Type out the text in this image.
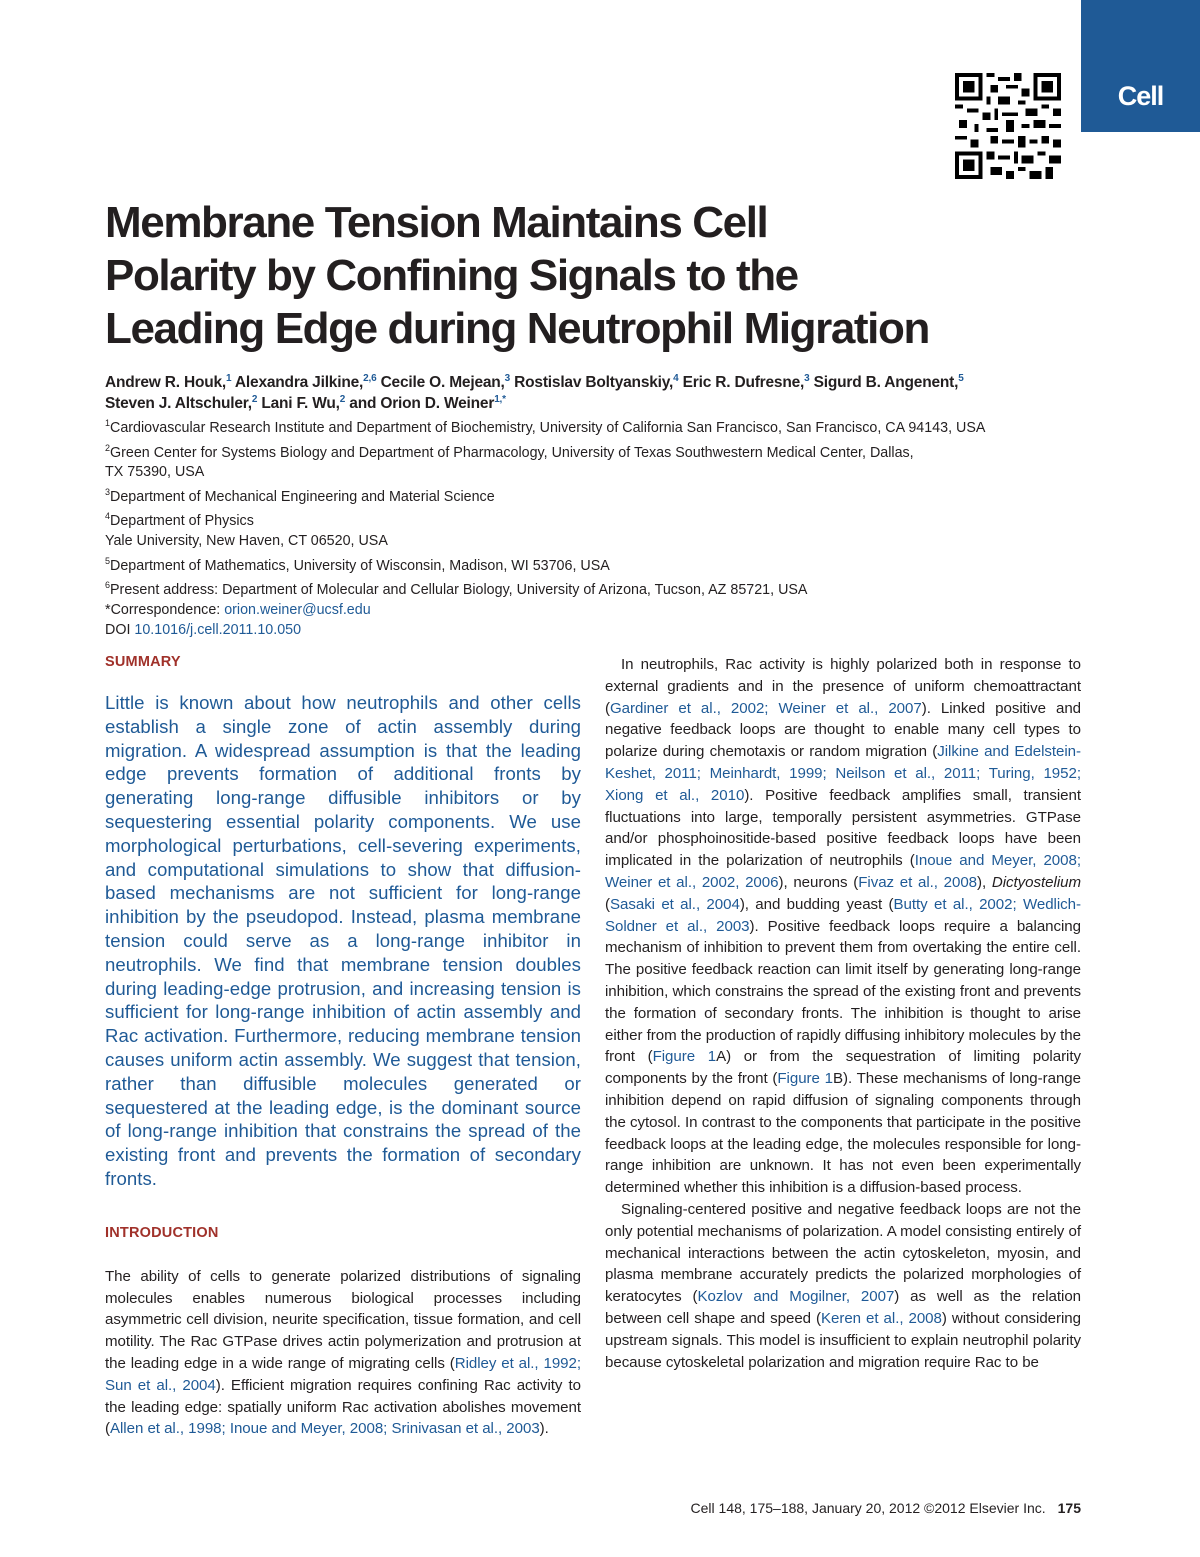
Cell
Membrane Tension Maintains Cell
Polarity by Confining Signals to the
Leading Edge during Neutrophil Migration
Andrew R. Houk,$^1$ Alexandra Jilkine,$^{2,6}$ Cecile O. Mejean,$^3$ Rostislav Boltyanskiy,$^4$ Eric R. Dufresne,$^3$ Sigurd B. Angenent,$^5$
Steven J. Altschuler,$^2$ Lani F. Wu,$^2$ and Orion D. Weiner$^{1,*}$
$^1$Cardiovascular Research Institute and Department of Biochemistry, University of California San Francisco, San Francisco, CA 94143, USA
$^2$Green Center for Systems Biology and Department of Pharmacology, University of Texas Southwestern Medical Center, Dallas,
TX 75390, USA
$^3$Department of Mechanical Engineering and Material Science
$^4$Department of Physics
Yale University, New Haven, CT 06520, USA
$^5$Department of Mathematics, University of Wisconsin, Madison, WI 53706, USA
$^6$Present address: Department of Molecular and Cellular Biology, University of Arizona, Tucson, AZ 85721, USA
*Correspondence: orion.weiner@ucsf.edu
DOI 10.1016/j.cell.2011.10.050
SUMMARY

Little is known about how neutrophils and other cells establish a single zone of actin assembly during migration. A widespread assumption is that the leading edge prevents formation of additional fronts by generating long-range diffusible inhibitors or by sequestering essential polarity components. We use morphological perturbations, cell-severing experiments, and computational simulations to show that diffusion-based mechanisms are not sufficient for long-range inhibition by the pseudopod. Instead, plasma membrane tension could serve as a long-range inhibitor in neutrophils. We find that membrane tension doubles during leading-edge protrusion, and increasing tension is sufficient for long-range inhibition of actin assembly and Rac activation. Furthermore, reducing membrane tension causes uniform actin assembly. We suggest that tension, rather than diffusible molecules generated or sequestered at the leading edge, is the dominant source of long-range inhibition that constrains the spread of the existing front and prevents the formation of secondary fronts.

INTRODUCTION

The ability of cells to generate polarized distributions of signaling molecules enables numerous biological processes including asymmetric cell division, neurite specification, tissue formation, and cell motility. The Rac GTPase drives actin polymerization and protrusion at the leading edge in a wide range of migrating cells (Ridley et al., 1992; Sun et al., 2004). Efficient migration requires confining Rac activity to the leading edge: spatially uniform Rac activation abolishes movement (Allen et al., 1998; Inoue and Meyer, 2008; Srinivasan et al., 2003).

In neutrophils, Rac activity is highly polarized both in response to external gradients and in the presence of uniform chemoattractant (Gardiner et al., 2002; Weiner et al., 2007). Linked positive and negative feedback loops are thought to enable many cell types to polarize during chemotaxis or random migration (Jilkine and Edelstein-Keshet, 2011; Meinhardt, 1999; Neilson et al., 2011; Turing, 1952; Xiong et al., 2010). Positive feedback amplifies small, transient fluctuations into large, temporally persistent asymmetries. GTPase and/or phosphoinositide-based positive feedback loops have been implicated in the polarization of neutrophils (Inoue and Meyer, 2008; Weiner et al., 2002, 2006), neurons (Fivaz et al., 2008), Dictyostelium (Sasaki et al., 2004), and budding yeast (Butty et al., 2002; Wedlich-Soldner et al., 2003). Positive feedback loops require a balancing mechanism of inhibition to prevent them from overtaking the entire cell. The positive feedback reaction can limit itself by generating long-range inhibition, which constrains the spread of the existing front and prevents the formation of secondary fronts. The inhibition is thought to arise either from the production of rapidly diffusing inhibitory molecules by the front (Figure 1A) or from the sequestration of limiting polarity components by the front (Figure 1B). These mechanisms of long-range inhibition depend on rapid diffusion of signaling components through the cytosol. In contrast to the components that participate in the positive feedback loops at the leading edge, the molecules responsible for long-range inhibition are unknown. It has not even been experimentally determined whether this inhibition is a diffusion-based process.

Signaling-centered positive and negative feedback loops are not the only potential mechanisms of polarization. A model consisting entirely of mechanical interactions between the actin cytoskeleton, myosin, and plasma membrane accurately predicts the polarized morphologies of keratocytes (Kozlov and Mogilner, 2007) as well as the relation between cell shape and speed (Keren et al., 2008) without considering upstream signals. This model is insufficient to explain neutrophil polarity because cytoskeletal polarization and migration require Rac to be

Cell 148, 175–188, January 20, 2012 ©2012 Elsevier Inc. 175
